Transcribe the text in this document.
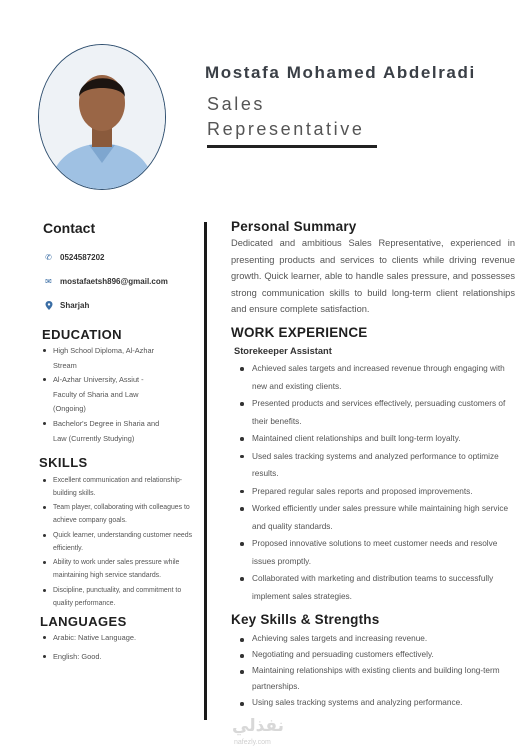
Mostafa Mohamed Abdelradi
Sales
Representative
Contact
✆ 0524587202
✉ mostafaetsh896@gmail.com
Sharjah
EDUCATION
High School Diploma, Al-Azhar
Stream
Al-Azhar University, Assiut -
Faculty of Sharia and Law
(Ongoing)
Bachelor's Degree in Sharia and
Law (Currently Studying)
SKILLS
Excellent communication and relationship-building skills.
Team player, collaborating with colleagues to achieve company goals.
Quick learner, understanding customer needs efficiently.
Ability to work under sales pressure while maintaining high service standards.
Discipline, punctuality, and commitment to quality performance.
LANGUAGES
Arabic: Native Language.
English: Good.
Personal Summary
Dedicated and ambitious Sales Representative, experienced in presenting products and services to clients while driving revenue growth. Quick learner, able to handle sales pressure, and possesses strong communication skills to build long-term client relationships and ensure complete satisfaction.
WORK EXPERIENCE
Storekeeper Assistant
Achieved sales targets and increased revenue through engaging with new and existing clients.
Presented products and services effectively, persuading customers of their benefits.
Maintained client relationships and built long-term loyalty.
Used sales tracking systems and analyzed performance to optimize results.
Prepared regular sales reports and proposed improvements.
Worked efficiently under sales pressure while maintaining high service and quality standards.
Proposed innovative solutions to meet customer needs and resolve issues promptly.
Collaborated with marketing and distribution teams to successfully implement sales strategies.
Key Skills & Strengths
Achieving sales targets and increasing revenue.
Negotiating and persuading customers effectively.
Maintaining relationships with existing clients and building long-term partnerships.
Using sales tracking systems and analyzing performance.
نفذلي
nafezly.com
